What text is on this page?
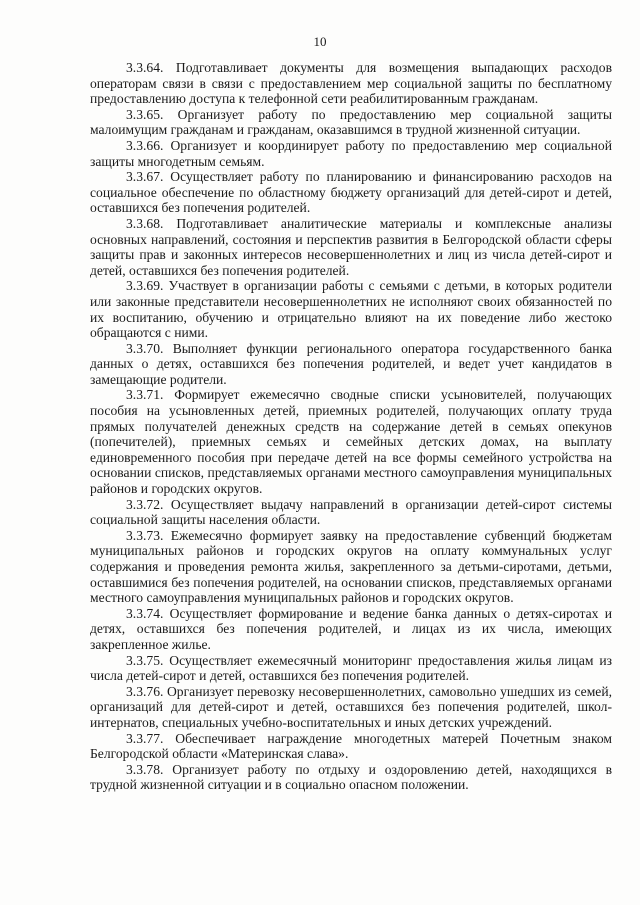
10

3.3.64. Подготавливает документы для возмещения выпадающих расходов операторам связи в связи с предоставлением мер социальной защиты по бесплатному предоставлению доступа к телефонной сети реабилитированным гражданам.

3.3.65. Организует работу по предоставлению мер социальной защиты малоимущим гражданам и гражданам, оказавшимся в трудной жизненной ситуации.

3.3.66. Организует и координирует работу по предоставлению мер социальной защиты многодетным семьям.

3.3.67. Осуществляет работу по планированию и финансированию расходов на социальное обеспечение по областному бюджету организаций для детей-сирот и детей, оставшихся без попечения родителей.

3.3.68. Подготавливает аналитические материалы и комплексные анализы основных направлений, состояния и перспектив развития в Белгородской области сферы защиты прав и законных интересов несовершеннолетних и лиц из числа детей-сирот и детей, оставшихся без попечения родителей.

3.3.69. Участвует в организации работы с семьями с детьми, в которых родители или законные представители несовершеннолетних не исполняют своих обязанностей по их воспитанию, обучению и отрицательно влияют на их поведение либо жестоко обращаются с ними.

3.3.70. Выполняет функции регионального оператора государственного банка данных о детях, оставшихся без попечения родителей, и ведет учет кандидатов в замещающие родители.

3.3.71. Формирует ежемесячно сводные списки усыновителей, получающих пособия на усыновленных детей, приемных родителей, получающих оплату труда прямых получателей денежных средств на содержание детей в семьях опекунов (попечителей), приемных семьях и семейных детских домах, на выплату единовременного пособия при передаче детей на все формы семейного устройства на основании списков, представляемых органами местного самоуправления муниципальных районов и городских округов.

3.3.72. Осуществляет выдачу направлений в организации детей-сирот системы социальной защиты населения области.

3.3.73. Ежемесячно формирует заявку на предоставление субвенций бюджетам муниципальных районов и городских округов на оплату коммунальных услуг содержания и проведения ремонта жилья, закрепленного за детьми-сиротами, детьми, оставшимися без попечения родителей, на основании списков, представляемых органами местного самоуправления муниципальных районов и городских округов.

3.3.74. Осуществляет формирование и ведение банка данных о детях-сиротах и детях, оставшихся без попечения родителей, и лицах из их числа, имеющих закрепленное жилье.

3.3.75. Осуществляет ежемесячный мониторинг предоставления жилья лицам из числа детей-сирот и детей, оставшихся без попечения родителей.

3.3.76. Организует перевозку несовершеннолетних, самовольно ушедших из семей, организаций для детей-сирот и детей, оставшихся без попечения родителей, школ-интернатов, специальных учебно-воспитательных и иных детских учреждений.

3.3.77. Обеспечивает награждение многодетных матерей Почетным знаком Белгородской области «Материнская слава».

3.3.78. Организует работу по отдыху и оздоровлению детей, находящихся в трудной жизненной ситуации и в социально опасном положении.
